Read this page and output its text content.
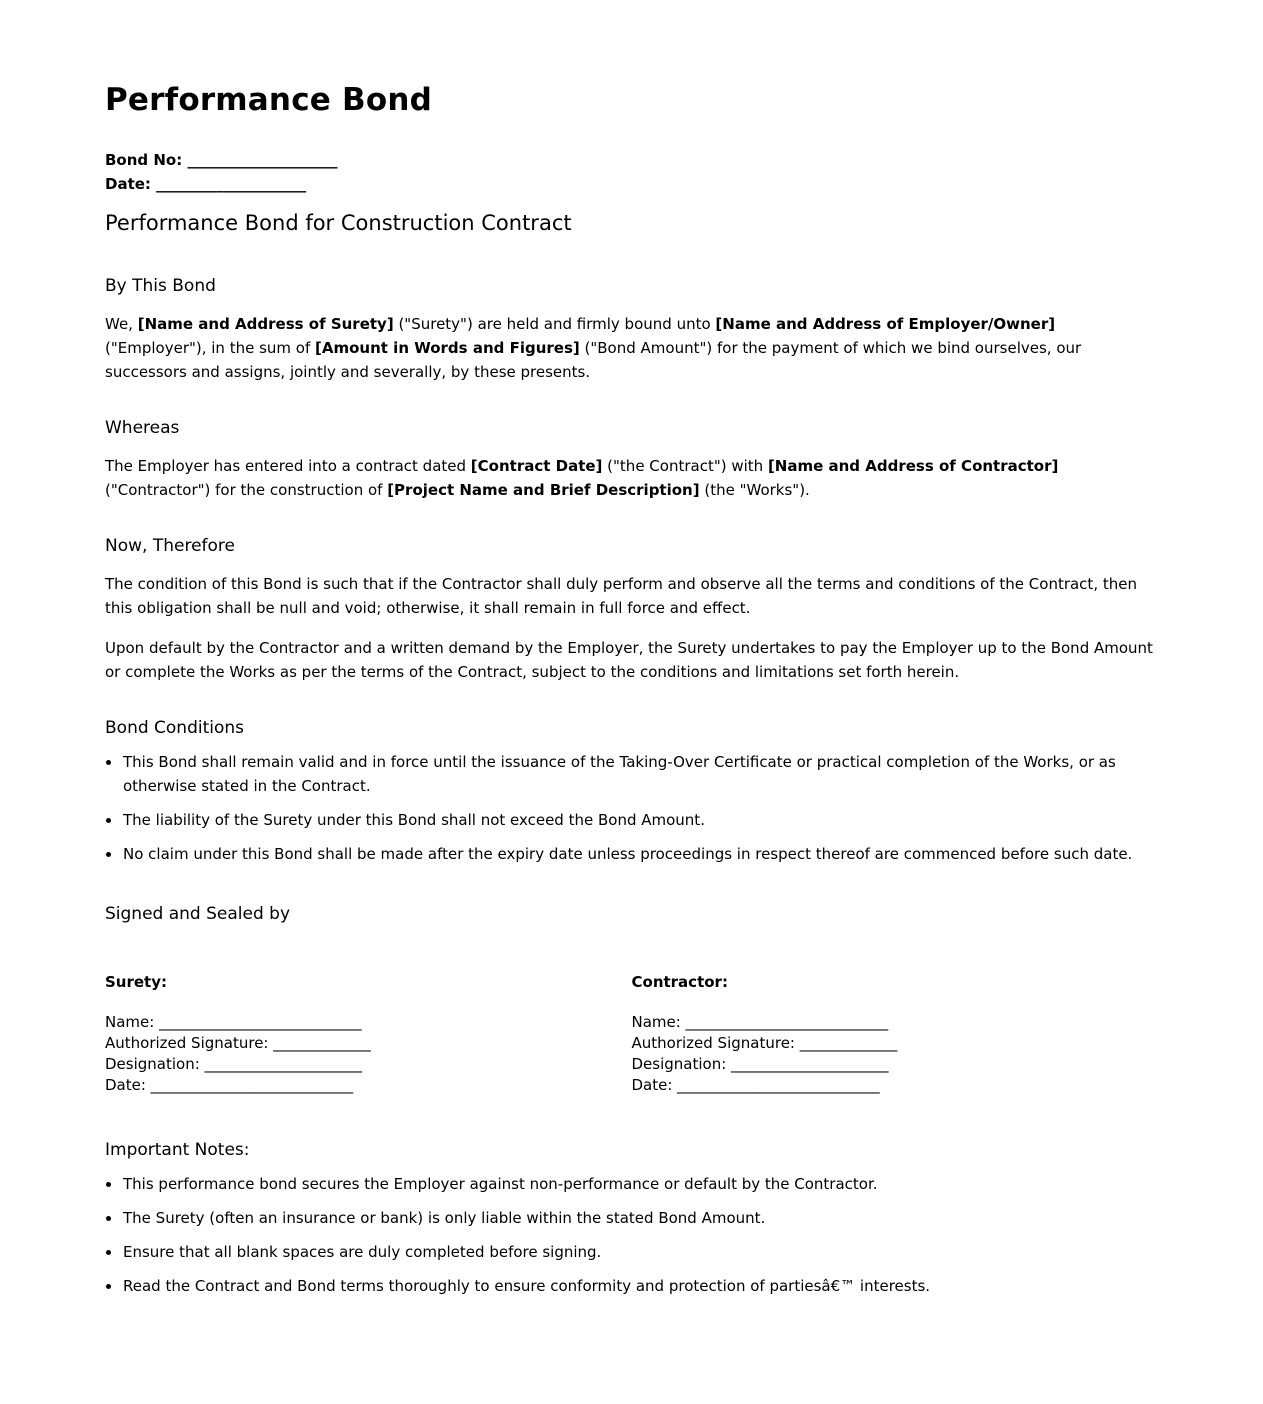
Performance Bond
Bond No: ____________________
Date: ____________________
Performance Bond for Construction Contract
By This Bond

We, [Name and Address of Surety] ("Surety") are held and firmly bound unto [Name and Address of Employer/Owner] ("Employer"), in the sum of [Amount in Words and Figures] ("Bond Amount") for the payment of which we bind ourselves, our successors and assigns, jointly and severally, by these presents.

Whereas

The Employer has entered into a contract dated [Contract Date] ("the Contract") with [Name and Address of Contractor] ("Contractor") for the construction of [Project Name and Brief Description] (the "Works").

Now, Therefore

The condition of this Bond is such that if the Contractor shall duly perform and observe all the terms and conditions of the Contract, then this obligation shall be null and void; otherwise, it shall remain in full force and effect.

Upon default by the Contractor and a written demand by the Employer, the Surety undertakes to pay the Employer up to the Bond Amount or complete the Works as per the terms of the Contract, subject to the conditions and limitations set forth herein.

Bond Conditions
This Bond shall remain valid and in force until the issuance of the Taking-Over Certificate or practical completion of the Works, or as otherwise stated in the Contract.
The liability of the Surety under this Bond shall not exceed the Bond Amount.
No claim under this Bond shall be made after the expiry date unless proceedings in respect thereof are commenced before such date.
Signed and Sealed by
Surety:
Name: ___________________________
Authorized Signature: _____________
Designation: _____________________
Date: ___________________________
Contractor:
Name: ___________________________
Authorized Signature: _____________
Designation: _____________________
Date: ___________________________
Important Notes:
This performance bond secures the Employer against non-performance or default by the Contractor.
The Surety (often an insurance or bank) is only liable within the stated Bond Amount.
Ensure that all blank spaces are duly completed before signing.
Read the Contract and Bond terms thoroughly to ensure conformity and protection of partiesâ€™ interests.
